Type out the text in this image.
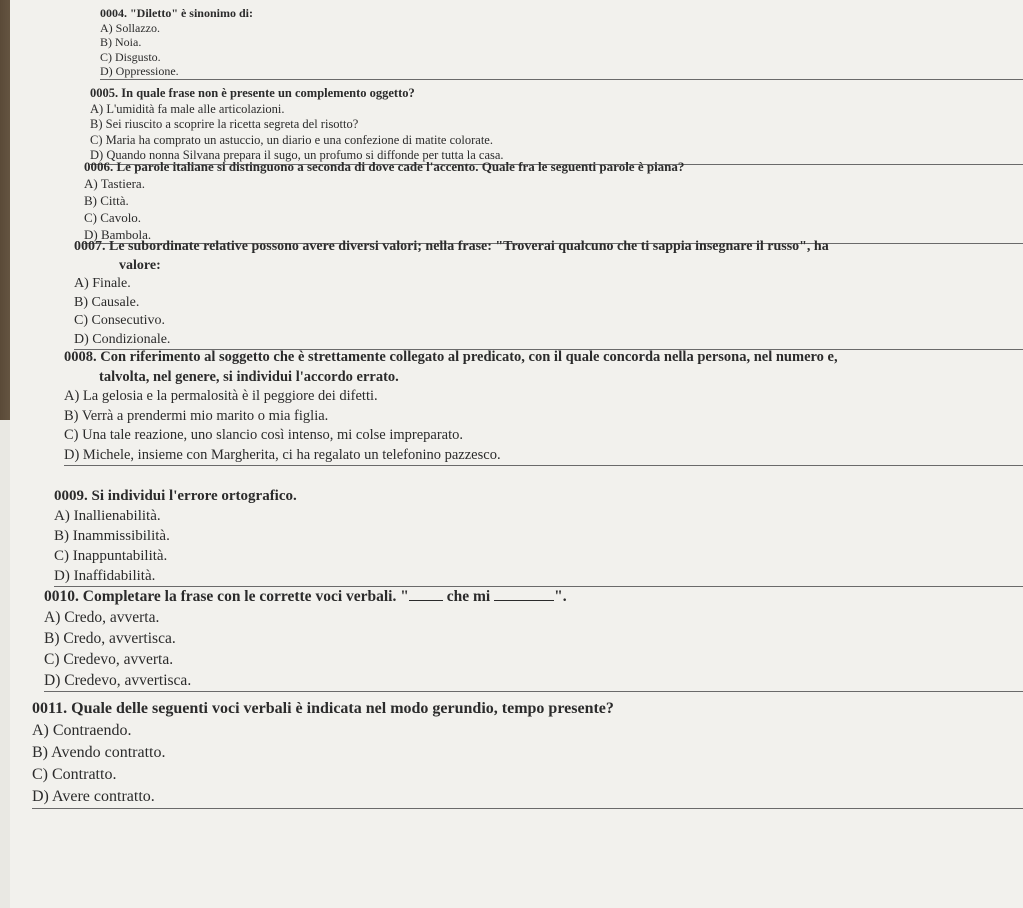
0004. "Diletto" è sinonimo di:
A) Sollazzo.
B) Noia.
C) Disgusto.
D) Oppressione.
0005. In quale frase non è presente un complemento oggetto?
A) L'umidità fa male alle articolazioni.
B) Sei riuscito a scoprire la ricetta segreta del risotto?
C) Maria ha comprato un astuccio, un diario e una confezione di matite colorate.
D) Quando nonna Silvana prepara il sugo, un profumo si diffonde per tutta la casa.
0006. Le parole italiane si distinguono a seconda di dove cade l'accento. Quale fra le seguenti parole è piana?
A) Tastiera.
B) Città.
C) Cavolo.
D) Bambola.
0007. Le subordinate relative possono avere diversi valori; nella frase: "Troverai qualcuno che ti sappia insegnare il russo", ha
valore:
A) Finale.
B) Causale.
C) Consecutivo.
D) Condizionale.
0008. Con riferimento al soggetto che è strettamente collegato al predicato, con il quale concorda nella persona, nel numero e,
talvolta, nel genere, si individui l'accordo errato.
A) La gelosia e la permalosità è il peggiore dei difetti.
B) Verrà a prendermi mio marito o mia figlia.
C) Una tale reazione, uno slancio così intenso, mi colse impreparato.
D) Michele, insieme con Margherita, ci ha regalato un telefonino pazzesco.
0009. Si individui l'errore ortografico.
A) Inallienabilità.
B) Inammissibilità.
C) Inappuntabilità.
D) Inaffidabilità.
0010. Completare la frase con le corrette voci verbali. " che mi	".
A) Credo, avverta.
B) Credo, avvertisca.
C) Credevo, avverta.
D) Credevo, avvertisca.
0011. Quale delle seguenti voci verbali è indicata nel modo gerundio, tempo presente?
A) Contraendo.
B) Avendo contratto.
C) Contratto.
D) Avere contratto.
